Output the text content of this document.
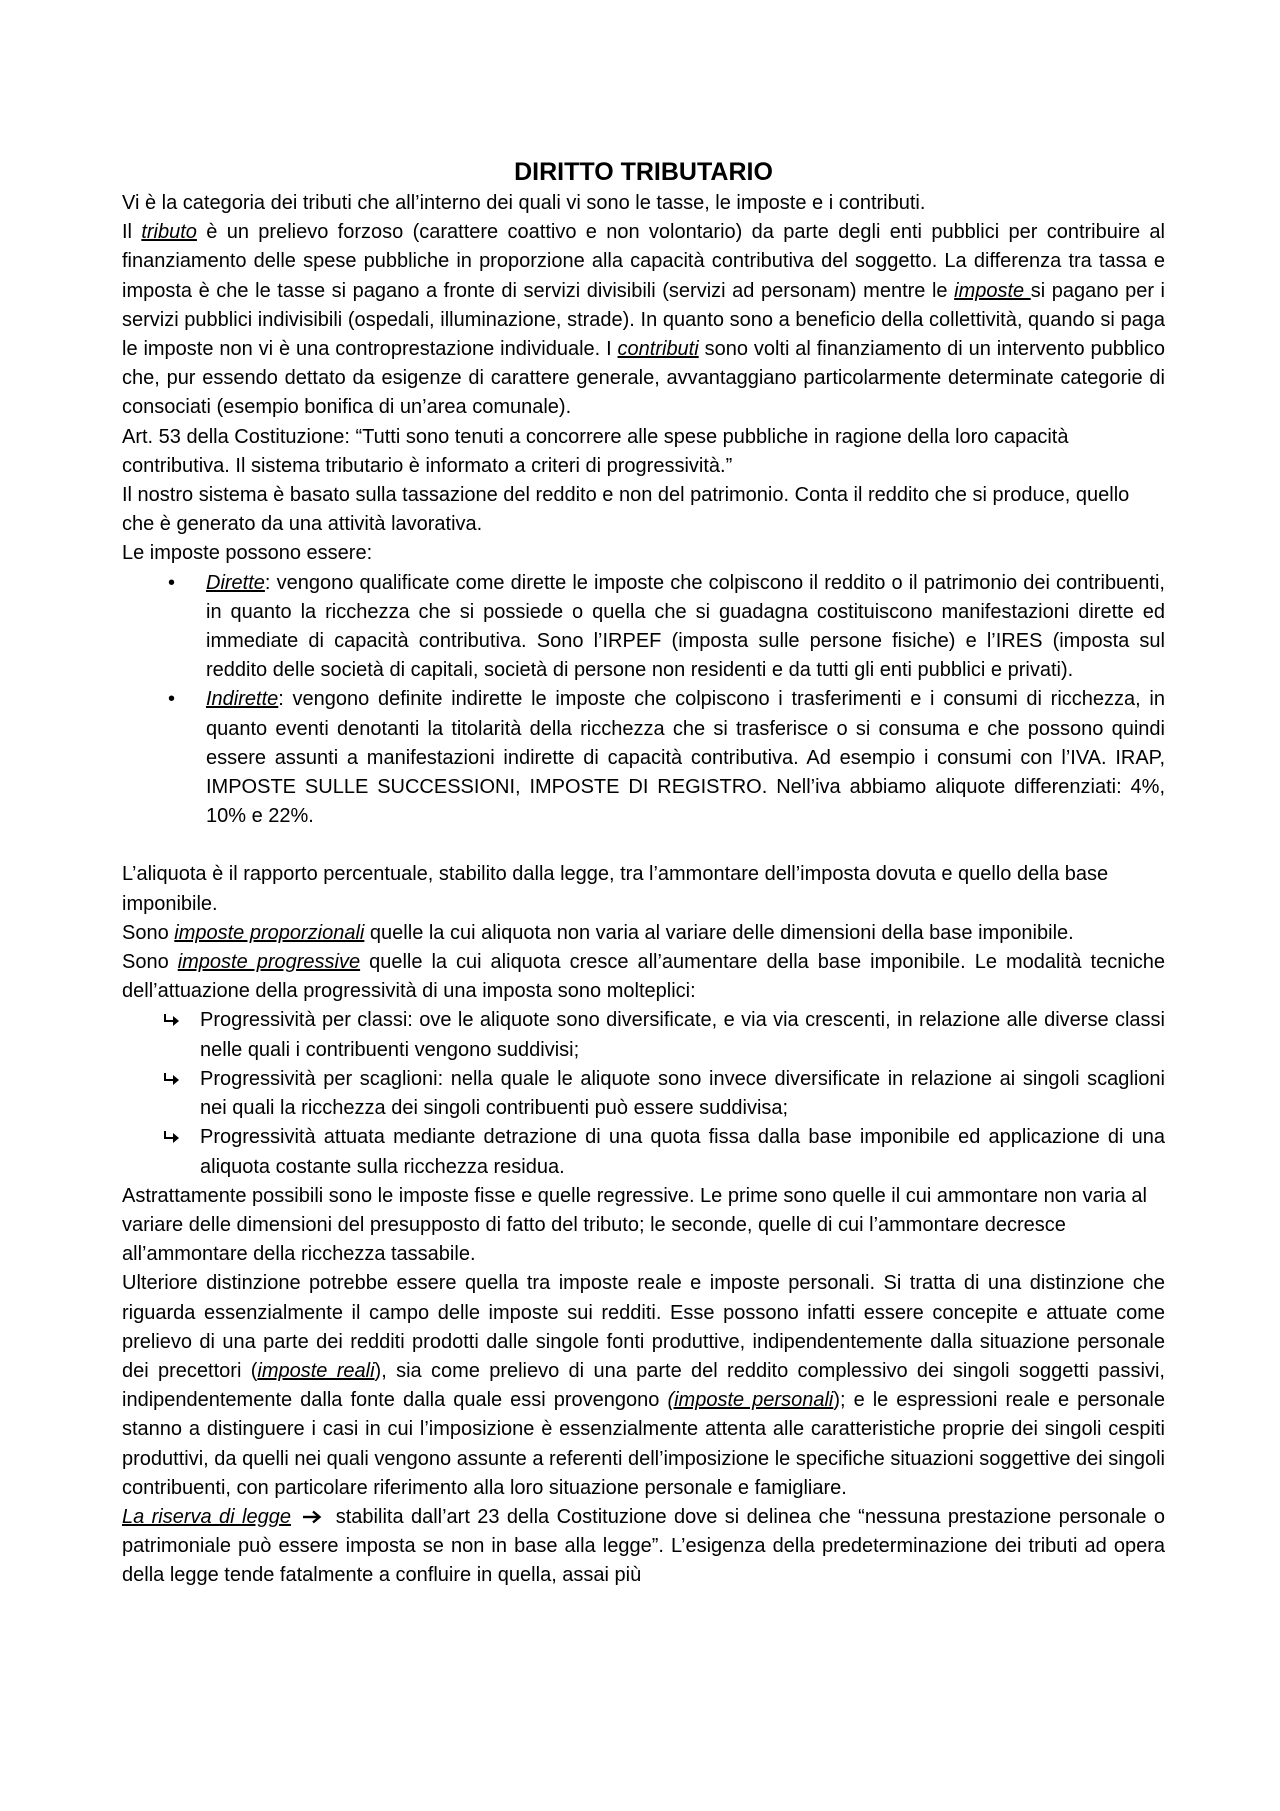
DIRITTO TRIBUTARIO

Vi è la categoria dei tributi che all’interno dei quali vi sono le tasse, le imposte e i contributi.

Il tributo è un prelievo forzoso (carattere coattivo e non volontario) da parte degli enti pubblici per contribuire al finanziamento delle spese pubbliche in proporzione alla capacità contributiva del soggetto. La differenza tra tassa e imposta è che le tasse si pagano a fronte di servizi divisibili (servizi ad personam) mentre le imposte si pagano per i servizi pubblici indivisibili (ospedali, illuminazione, strade). In quanto sono a beneficio della collettività, quando si paga le imposte non vi è una controprestazione individuale. I contributi sono volti al finanziamento di un intervento pubblico che, pur essendo dettato da esigenze di carattere generale, avvantaggiano particolarmente determinate categorie di consociati (esempio bonifica di un’area comunale).

Art. 53 della Costituzione: “Tutti sono tenuti a concorrere alle spese pubbliche in ragione della loro capacità contributiva. Il sistema tributario è informato a criteri di progressività.”

Il nostro sistema è basato sulla tassazione del reddito e non del patrimonio. Conta il reddito che si produce, quello che è generato da una attività lavorativa.

Le imposte possono essere:

• Dirette: vengono qualificate come dirette le imposte che colpiscono il reddito o il patrimonio dei contribuenti, in quanto la ricchezza che si possiede o quella che si guadagna costituiscono manifestazioni dirette ed immediate di capacità contributiva. Sono l’IRPEF (imposta sulle persone fisiche) e l’IRES (imposta sul reddito delle società di capitali, società di persone non residenti e da tutti gli enti pubblici e privati).
• Indirette: vengono definite indirette le imposte che colpiscono i trasferimenti e i consumi di ricchezza, in quanto eventi denotanti la titolarità della ricchezza che si trasferisce o si consuma e che possono quindi essere assunti a manifestazioni indirette di capacità contributiva. Ad esempio i consumi con l’IVA. IRAP, IMPOSTE SULLE SUCCESSIONI, IMPOSTE DI REGISTRO. Nell’iva abbiamo aliquote differenziati: 4%, 10% e 22%.

L’aliquota è il rapporto percentuale, stabilito dalla legge, tra l’ammontare dell’imposta dovuta e quello della base imponibile.

Sono imposte proporzionali quelle la cui aliquota non varia al variare delle dimensioni della base imponibile.

Sono imposte progressive quelle la cui aliquota cresce all’aumentare della base imponibile. Le modalità tecniche dell’attuazione della progressività di una imposta sono molteplici:

Progressività per classi: ove le aliquote sono diversificate, e via via crescenti, in relazione alle diverse classi nelle quali i contribuenti vengono suddivisi;
Progressività per scaglioni: nella quale le aliquote sono invece diversificate in relazione ai singoli scaglioni nei quali la ricchezza dei singoli contribuenti può essere suddivisa;
Progressività attuata mediante detrazione di una quota fissa dalla base imponibile ed applicazione di una aliquota costante sulla ricchezza residua.

Astrattamente possibili sono le imposte fisse e quelle regressive. Le prime sono quelle il cui ammontare non varia al variare delle dimensioni del presupposto di fatto del tributo; le seconde, quelle di cui l’ammontare decresce all’ammontare della ricchezza tassabile.

Ulteriore distinzione potrebbe essere quella tra imposte reale e imposte personali. Si tratta di una distinzione che riguarda essenzialmente il campo delle imposte sui redditi. Esse possono infatti essere concepite e attuate come prelievo di una parte dei redditi prodotti dalle singole fonti produttive, indipendentemente dalla situazione personale dei precettori (imposte reali), sia come prelievo di una parte del reddito complessivo dei singoli soggetti passivi, indipendentemente dalla fonte dalla quale essi provengono (imposte personali); e le espressioni reale e personale stanno a distinguere i casi in cui l’imposizione è essenzialmente attenta alle caratteristiche proprie dei singoli cespiti produttivi, da quelli nei quali vengono assunte a referenti dell’imposizione le specifiche situazioni soggettive dei singoli contribuenti, con particolare riferimento alla loro situazione personale e famigliare.

La riserva di legge  stabilita dall’art 23 della Costituzione dove si delinea che “nessuna prestazione personale o patrimoniale può essere imposta se non in base alla legge”. L’esigenza della predeterminazione dei tributi ad opera della legge tende fatalmente a confluire in quella, assai più
